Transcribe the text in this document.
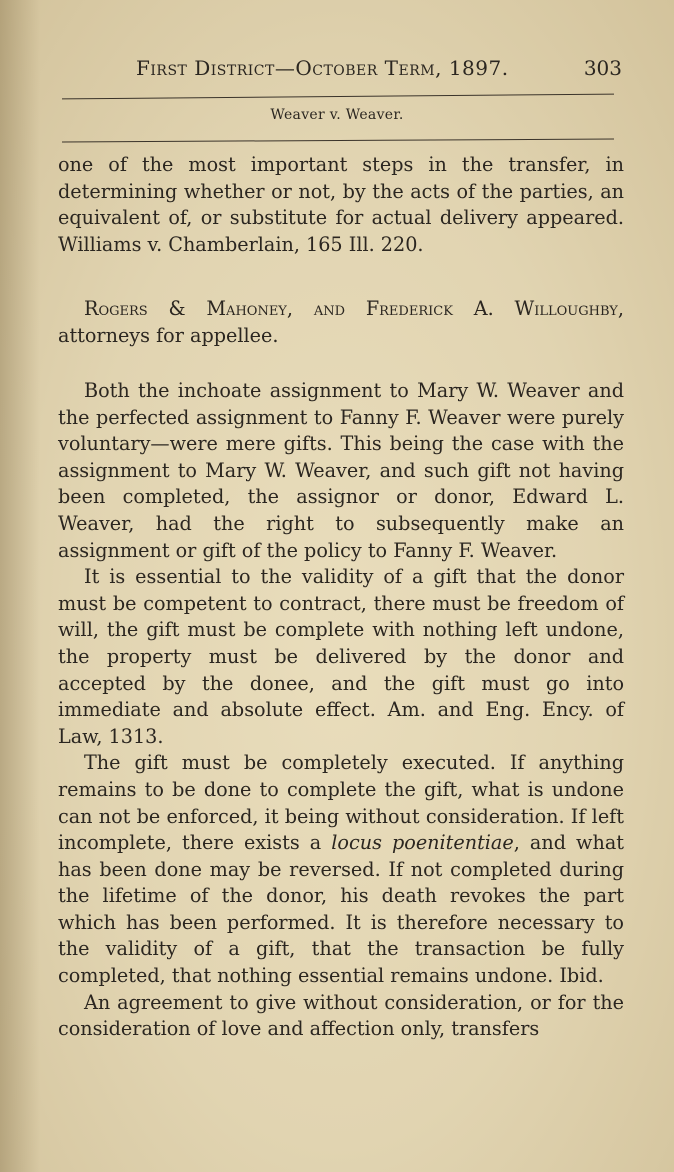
First District—October Term, 1897.	303
Weaver v. Weaver.

one of the most important steps in the transfer, in determining whether or not, by the acts of the parties, an equivalent of, or substitute for actual delivery appeared. Williams v. Chamberlain, 165 Ill. 220.

Rogers & Mahoney, and Frederick A. Willoughby, attorneys for appellee.

Both the inchoate assignment to Mary W. Weaver and the perfected assignment to Fanny F. Weaver were purely voluntary—were mere gifts. This being the case with the assignment to Mary W. Weaver, and such gift not having been completed, the assignor or donor, Edward L. Weaver, had the right to subsequently make an assignment or gift of the policy to Fanny F. Weaver.

It is essential to the validity of a gift that the donor must be competent to contract, there must be freedom of will, the gift must be complete with nothing left undone, the property must be delivered by the donor and accepted by the donee, and the gift must go into immediate and absolute effect. Am. and Eng. Ency. of Law, 1313.

The gift must be completely executed. If anything remains to be done to complete the gift, what is undone can not be enforced, it being without consideration. If left incomplete, there exists a locus poenitentiae, and what has been done may be reversed. If not completed during the lifetime of the donor, his death revokes the part which has been performed. It is therefore necessary to the validity of a gift, that the transaction be fully completed, that nothing essential remains undone. Ibid.

An agreement to give without consideration, or for the consideration of love and affection only, transfers
